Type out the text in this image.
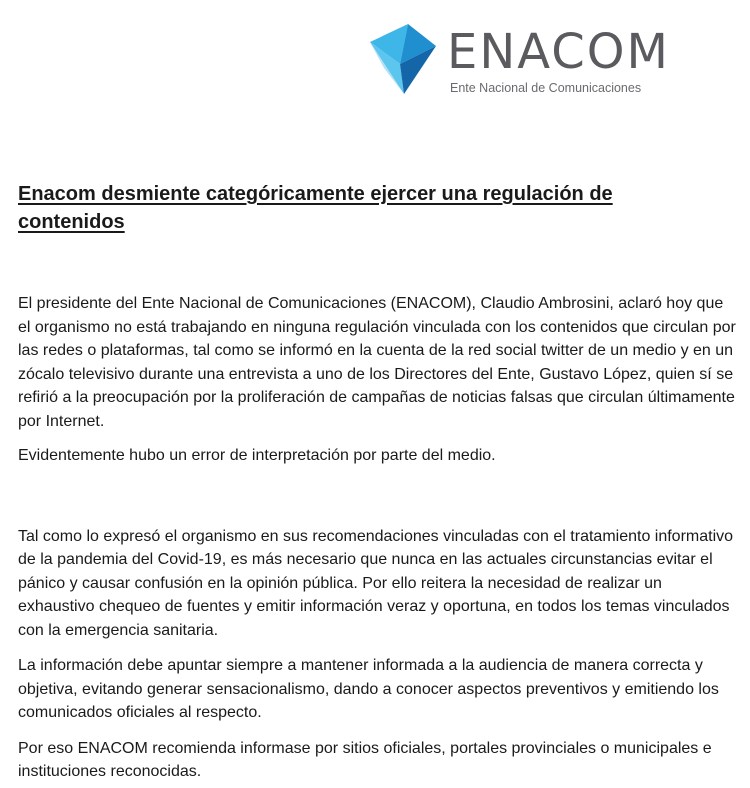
ENACOM
Ente Nacional de Comunicaciones
Enacom desmiente categóricamente ejercer una regulación de
contenidos

El presidente del Ente Nacional de Comunicaciones (ENACOM), Claudio Ambrosini, aclaró hoy que el organismo no está trabajando en ninguna regulación vinculada con los contenidos que circulan por las redes o plataformas, tal como se informó en la cuenta de la red social twitter de un medio y en un zócalo televisivo durante una entrevista a uno de los Directores del Ente, Gustavo López, quien sí se refirió a la preocupación por la proliferación de campañas de noticias falsas que circulan últimamente por Internet.

Evidentemente hubo un error de interpretación por parte del medio.

Tal como lo expresó el organismo en sus recomendaciones vinculadas con el tratamiento informativo de la pandemia del Covid-19, es más necesario que nunca en las actuales circunstancias evitar el pánico y causar confusión en la opinión pública. Por ello reitera la necesidad de realizar un exhaustivo chequeo de fuentes y emitir información veraz y oportuna, en todos los temas vinculados con la emergencia sanitaria.

La información debe apuntar siempre a mantener informada a la audiencia de manera correcta y objetiva, evitando generar sensacionalismo, dando a conocer aspectos preventivos y emitiendo los comunicados oficiales al respecto.

Por eso ENACOM recomienda informase por sitios oficiales, portales provinciales o municipales e instituciones reconocidas.
